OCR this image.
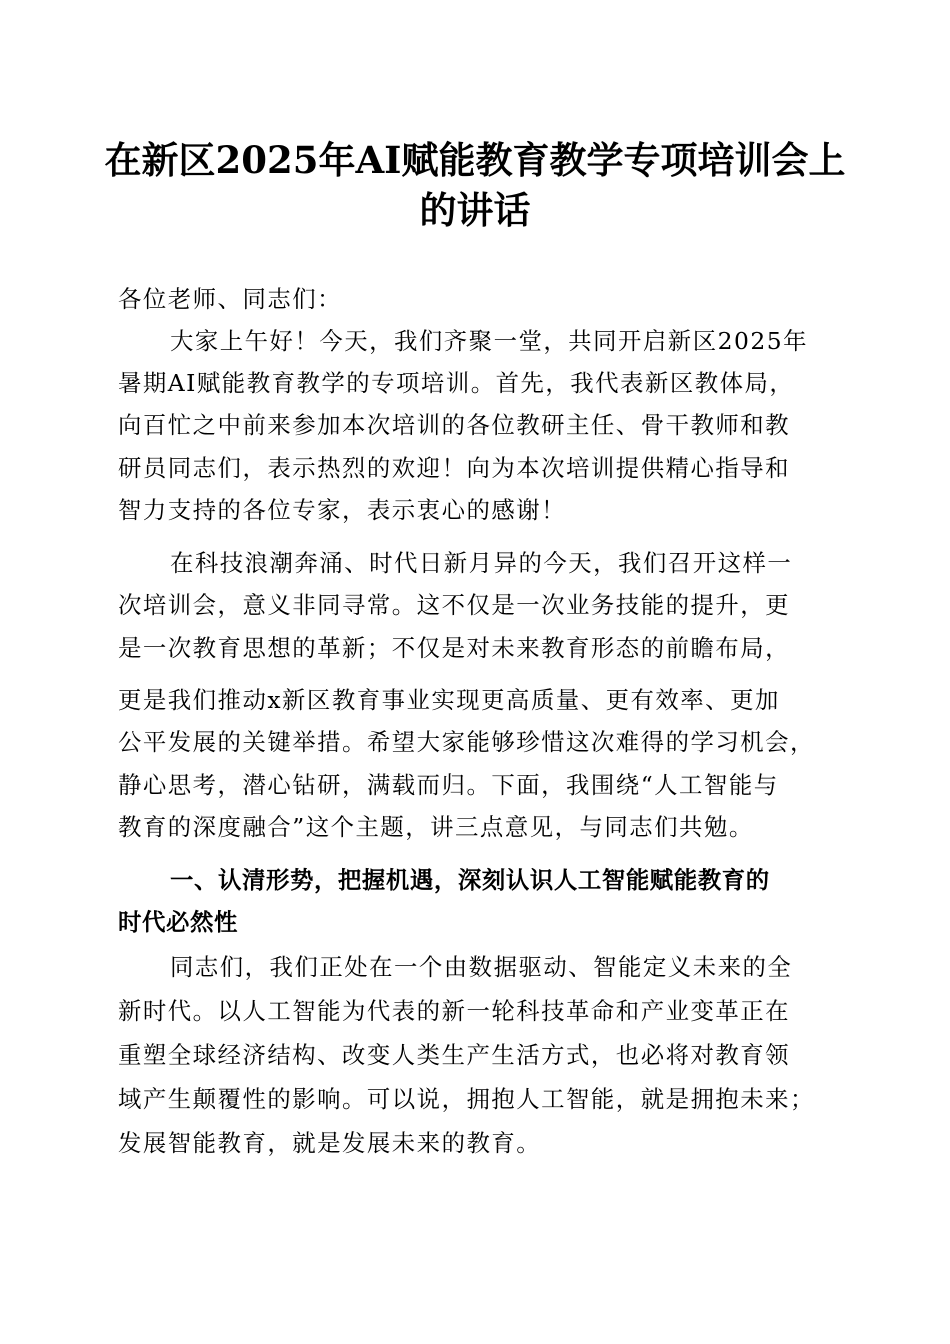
在新区2025年AI赋能教育教学专项培训会上
的讲话
各位老师、同志们：
大家上午好！今天，我们齐聚一堂，共同开启新区2025年
暑期AI赋能教育教学的专项培训。首先，我代表新区教体局，
向百忙之中前来参加本次培训的各位教研主任、骨干教师和教
研员同志们，表示热烈的欢迎！向为本次培训提供精心指导和
智力支持的各位专家，表示衷心的感谢！
在科技浪潮奔涌、时代日新月异的今天，我们召开这样一
次培训会，意义非同寻常。这不仅是一次业务技能的提升，更
是一次教育思想的革新；不仅是对未来教育形态的前瞻布局，
更是我们推动x新区教育事业实现更高质量、更有效率、更加
公平发展的关键举措。希望大家能够珍惜这次难得的学习机会，
静心思考，潜心钻研，满载而归。下面，我围绕“人工智能与
教育的深度融合”这个主题，讲三点意见，与同志们共勉。
一、认清形势，把握机遇，深刻认识人工智能赋能教育的
时代必然性
同志们，我们正处在一个由数据驱动、智能定义未来的全
新时代。以人工智能为代表的新一轮科技革命和产业变革正在
重塑全球经济结构、改变人类生产生活方式，也必将对教育领
域产生颠覆性的影响。可以说，拥抱人工智能，就是拥抱未来；
发展智能教育，就是发展未来的教育。
